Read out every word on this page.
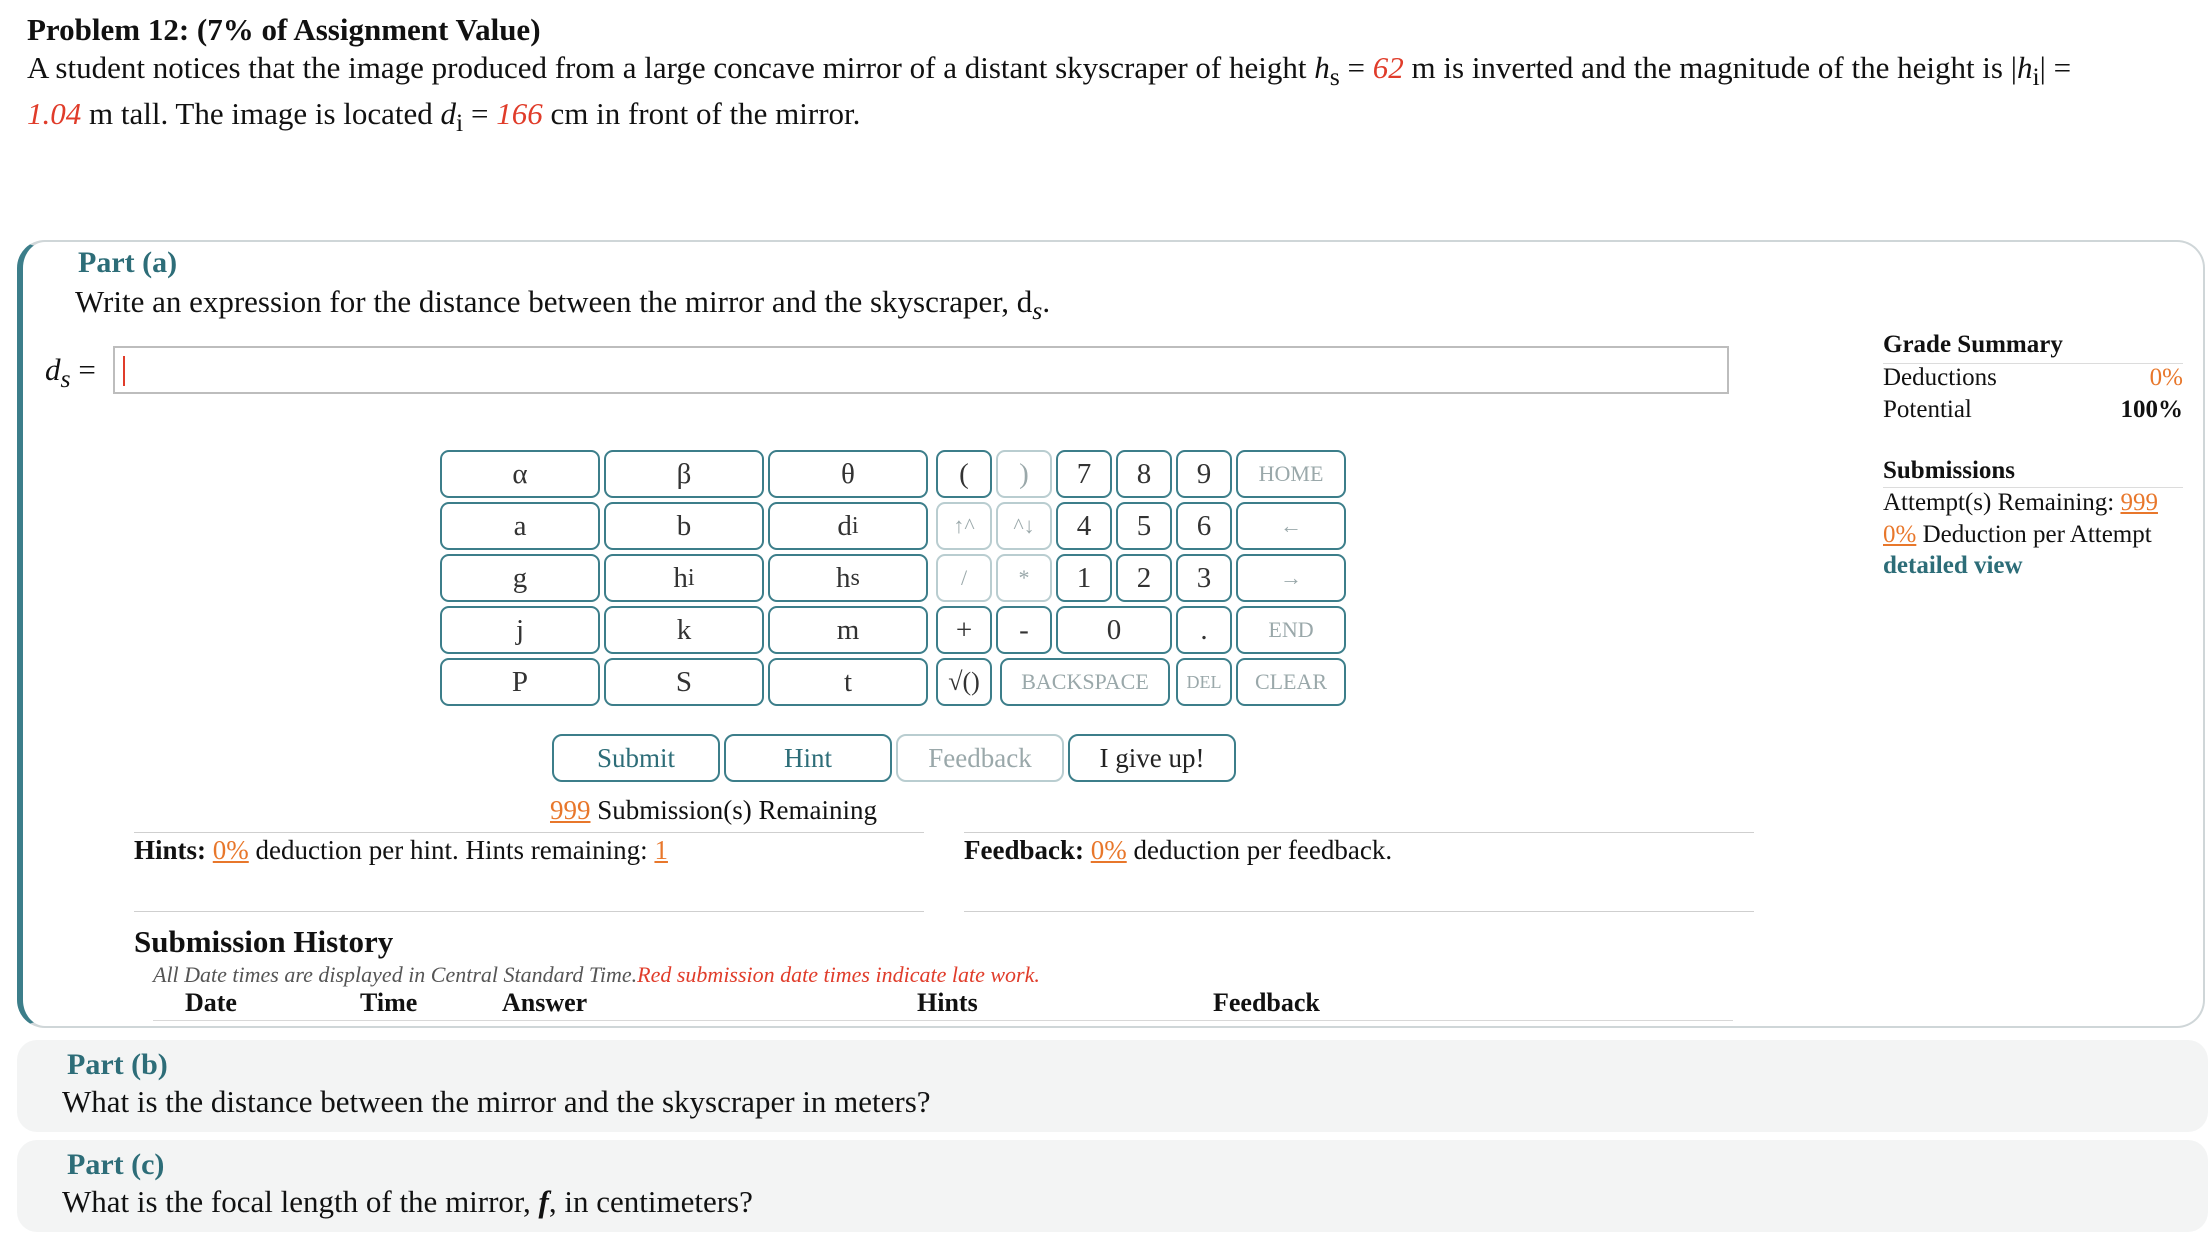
Problem 12: (7% of Assignment Value)
A student notices that the image produced from a large concave mirror of a distant skyscraper of height $h_s = 62$ m is inverted and the magnitude of the height is $|h_i|$ =
1.04 m tall. The image is located $d_i = 166$ cm in front of the mirror.
Part (a)
Write an expression for the distance between the mirror and the skyscraper, $d_s$.
$d_s$ =
α	β	θ
a	b	d i
g	h i	h s
j	k	m
P	S	t
(	)	7	8	9	HOME
↑^	^↓	4	5	6	←
/	*	1	2	3	→
+	-	0	.	END
√()	BACKSPACE	DEL	CLEAR
Submit	Hint	Feedback	I give up!
999 Submission(s) Remaining
Hints: 0% deduction per hint. Hints remaining: 1	Feedback: 0% deduction per feedback.
Submission History
All Date times are displayed in Central Standard Time.Red submission date times indicate late work.
Date	Time	Answer	Hints	Feedback
Grade Summary
Deductions	0%
Potential	100%
Submissions
Attempt(s) Remaining: 999
0% Deduction per Attempt
detailed view
Part (b)
What is the distance between the mirror and the skyscraper in meters?
Part (c)
What is the focal length of the mirror, f, in centimeters?
